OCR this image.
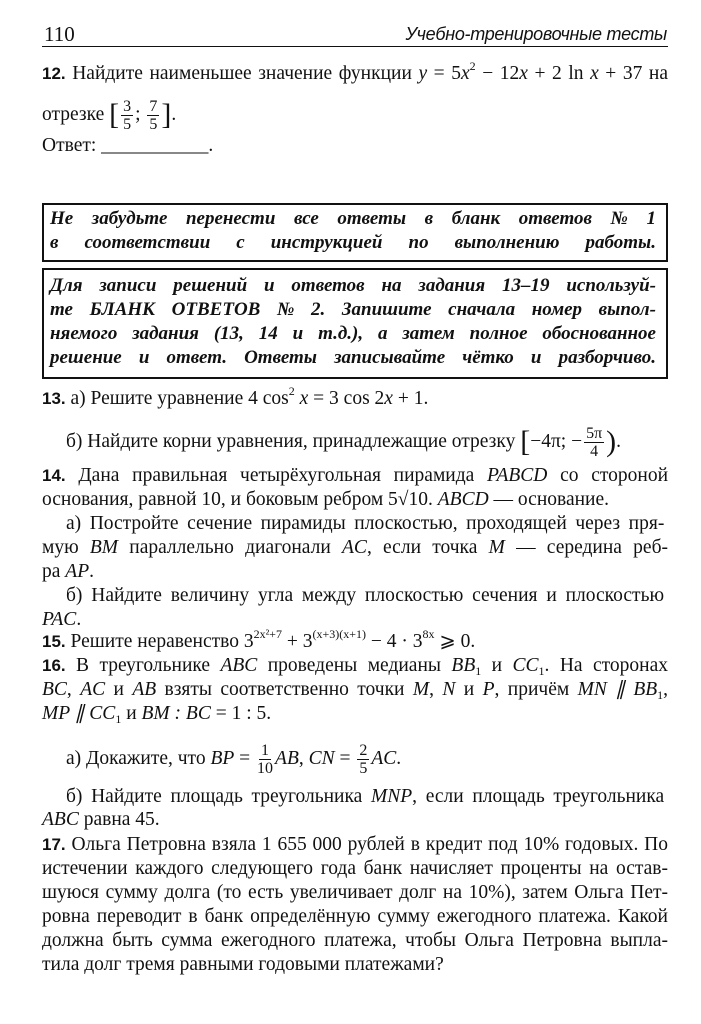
110	Учебно-тренировочные тесты
12. Найдите наименьшее значение функции $y = 5x^2 - 12x + 2$ ln x + 37 на
отрезке [ $\frac{3}{5}$ ; $\frac{7}{5}$ ].
Ответ: ___________.
Не забудьте перенести все ответы в бланк ответов № 1
в соответствии с инструкцией по выполнению работы.
Для записи решений и ответов на задания 13–19 используй-
те БЛАНК ОТВЕТОВ № 2. Запишите сначала номер выпол-
няемого задания (13, 14 и т.д.), а затем полное обоснованное
решение и ответ. Ответы записывайте чётко и разборчиво.
13. а) Решите уравнение 4 $\cos^2 x = 3$ cos 2x + 1.
б) Найдите корни уравнения, принадлежащие отрезку [−4π; − $\frac{5\pi}{4}$ ).
14. Дана правильная четырёхугольная пирамида PABCD со стороной
основания, равной 10, и боковым ребром 5√10. ABCD — основание.
а) Постройте сечение пирамиды плоскостью, проходящей через пря-
мую BM параллельно диагонали AC, если точка M — середина реб-
ра AP.
б) Найдите величину угла между плоскостью сечения и плоскостью
PAC.
15. Решите неравенство $3^{2x^2+7} + 3^{(x+3)(x+1)} - 4 \cdot 3^{8x}$ ⩾ 0.
16. В треугольнике ABC проведены медианы $BB_1$ и $CC_1$. На сторонах
BC, AC и AB взяты соответственно точки M, N и P, причём MN ∥ $BB_1$,
MP ∥ $CC_1$ и BM : BC = 1 : 5.
а) Докажите, что BP = $\frac{1}{10}$ AB, CN = $\frac{2}{5}$ AC.
б) Найдите площадь треугольника MNP, если площадь треугольника
ABC равна 45.
17. Ольга Петровна взяла 1 655 000 рублей в кредит под 10% годовых. По
истечении каждого следующего года банк начисляет проценты на остав-
шуюся сумму долга (то есть увеличивает долг на 10%), затем Ольга Пет-
ровна переводит в банк определённую сумму ежегодного платежа. Какой
должна быть сумма ежегодного платежа, чтобы Ольга Петровна выпла-
тила долг тремя равными годовыми платежами?
